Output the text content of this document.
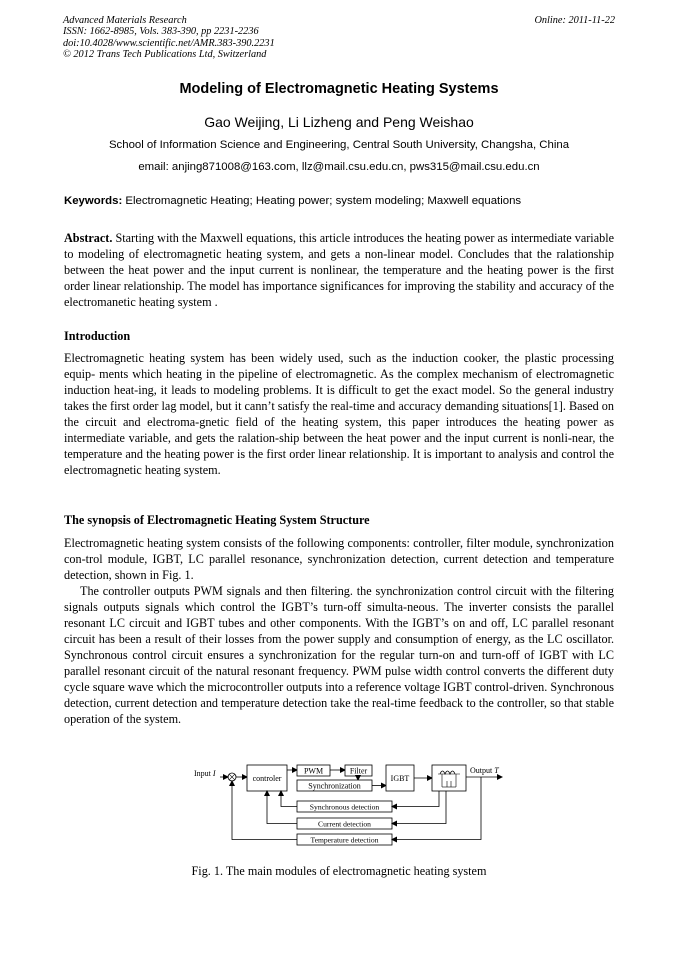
Advanced Materials Research
ISSN: 1662-8985, Vols. 383-390, pp 2231-2236
doi:10.4028/www.scientific.net/AMR.383-390.2231
© 2012 Trans Tech Publications Ltd, Switzerland
Online: 2011-11-22
Modeling of Electromagnetic Heating Systems
Gao Weijing, Li Lizheng and Peng Weishao
School of Information Science and Engineering, Central South University, Changsha, China
email: anjing871008@163.com, llz@mail.csu.edu.cn, pws315@mail.csu.edu.cn
Keywords: Electromagnetic Heating; Heating power; system modeling; Maxwell equations
Abstract. Starting with the Maxwell equations, this article introduces the heating power as intermediate variable to modeling of electromagnetic heating system, and gets a non-linear model. Concludes that the ralationship between the heat power and the input current is nonlinear, the temperature and the heating power is the first order linear relationship. The model has importance significances for improving the stability and accuracy of the electromanetic heating system .
Introduction
Electromagnetic heating system has been widely used, such as the induction cooker, the plastic processing equip- ments which heating in the pipeline of electromagnetic. As the complex mechanism of electromagnetic induction heat-ing, it leads to modeling problems. It is difficult to get the exact model. So the general industry takes the first order lag model, but it cann’t satisfy the real-time and accuracy demanding situations[1]. Based on the circuit and electroma-gnetic field of the heating system, this paper introduces the heating power as intermediate variable, and gets the ralation-ship between the heat power and the input current is nonli-near, the temperature and the heating power is the first order linear relationship. It is important to analysis and control the electromagnetic heating system.
The synopsis of Electromagnetic Heating System Structure
Electromagnetic heating system consists of the following components: controller, filter module, synchronization con-trol module, IGBT, LC parallel resonance, synchronization detection, current detection and temperature detection, shown in Fig. 1.
The controller outputs PWM signals and then filtering. the synchronization control circuit with the filtering signals outputs signals which control the IGBT’s turn-off simulta-neous. The inverter consists the parallel resonant LC circuit and IGBT tubes and other components. With the IGBT’s on and off, LC parallel resonant circuit has been a result of their losses from the power supply and consumption of energy, as the LC oscillator. Synchronous control circuit ensures a synchronization for the regular turn-on and turn-off of IGBT with LC parallel resonant circuit of the natural resonant frequency. PWM pulse width control converts the different duty cycle square wave which the microcontroller outputs into a reference voltage IGBT control-driven. Synchronous detection, current detection and temperature detection take the real-time feedback to the controller, so that stable operation of the system.
Input I
controler
PWM	Filter
Synchronization
IGBT
Output T
Synchronous detection
Current detection
Temperature detection
Fig. 1. The main modules of electromagnetic heating system
